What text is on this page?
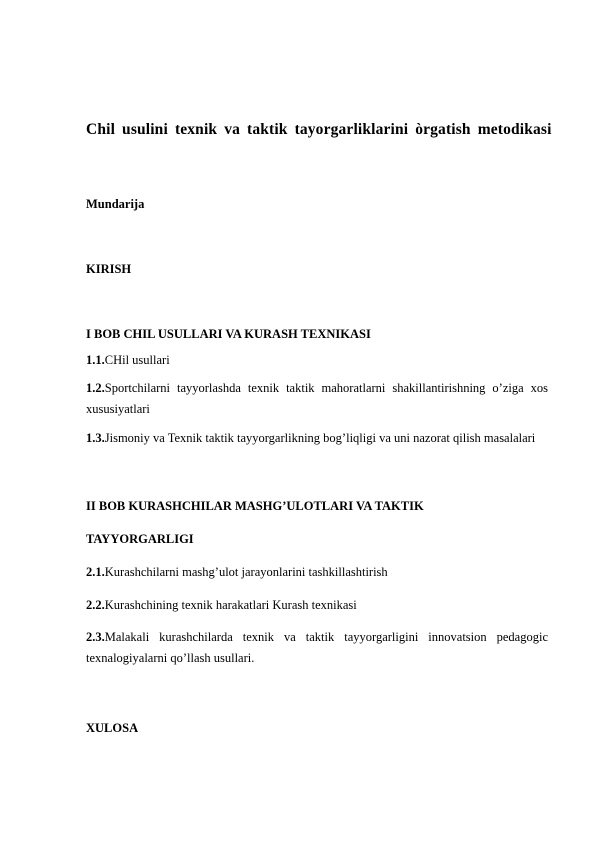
Chil usulini texnik va taktik tayorgarliklarini òrgatish metodikasi
Mundarija
KIRISH
I BOB CHIL USULLARI VA KURASH TEXNIKASI
1.1.CHil usullari
1.2.Sportchilarni tayyorlashda texnik taktik mahoratlarni shakillantirishning o’ziga xos xususiyatlari
1.3.Jismoniy va Texnik taktik tayyorgarlikning bog’liqligi va uni nazorat qilish masalalari
II BOB KURASHCHILAR MASHG’ULOTLARI VA TAKTIK
TAYYORGARLIGI
2.1.Kurashchilarni mashg’ulot jarayonlarini tashkillashtirish
2.2.Kurashchining texnik harakatlari Kurash texnikasi
2.3.Malakali kurashchilarda texnik va taktik tayyorgarligini innovatsion pedagogic texnalogiyalarni qo’llash usullari.
XULOSA
